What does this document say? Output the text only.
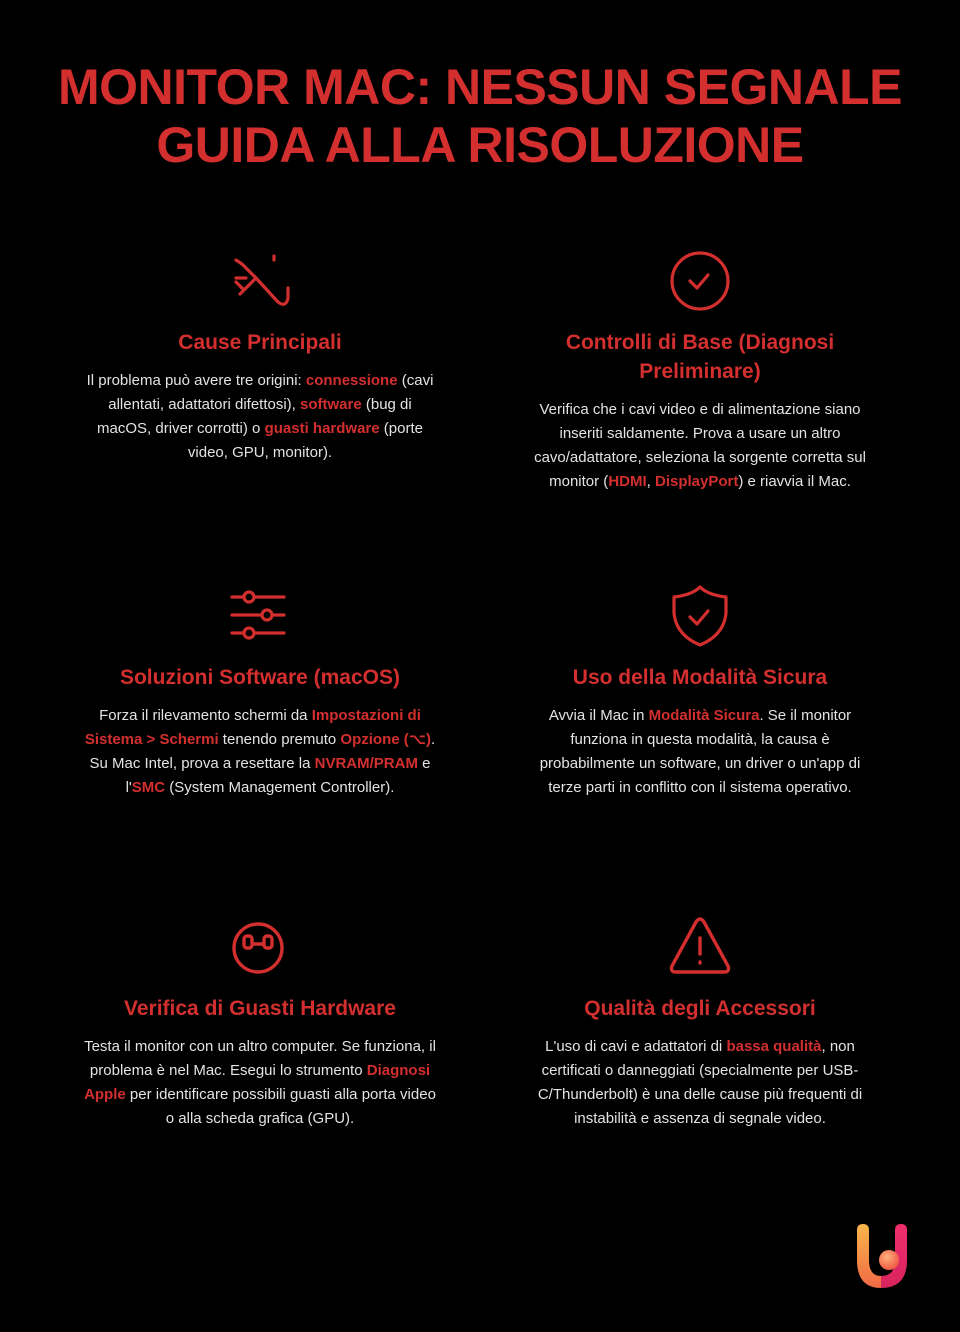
MONITOR MAC: NESSUN SEGNALE
GUIDA ALLA RISOLUZIONE
Cause Principali

Il problema può avere tre origini: connessione (cavi allentati, adattatori difettosi), software (bug di macOS, driver corrotti) o guasti hardware (porte video, GPU, monitor).

Controlli di Base (Diagnosi Preliminare)

Verifica che i cavi video e di alimentazione siano inseriti saldamente. Prova a usare un altro cavo/adattatore, seleziona la sorgente corretta sul monitor (HDMI, DisplayPort) e riavvia il Mac.

Soluzioni Software (macOS)

Forza il rilevamento schermi da Impostazioni di Sistema > Schermi tenendo premuto Opzione (⌥). Su Mac Intel, prova a resettare la NVRAM/PRAM e l'SMC (System Management Controller).

Uso della Modalità Sicura

Avvia il Mac in Modalità Sicura. Se il monitor funziona in questa modalità, la causa è probabilmente un software, un driver o un'app di terze parti in conflitto con il sistema operativo.

Verifica di Guasti Hardware

Testa il monitor con un altro computer. Se funziona, il problema è nel Mac. Esegui lo strumento Diagnosi Apple per identificare possibili guasti alla porta video o alla scheda grafica (GPU).

Qualità degli Accessori

L'uso di cavi e adattatori di bassa qualità, non certificati o danneggiati (specialmente per USB-C/Thunderbolt) è una delle cause più frequenti di instabilità e assenza di segnale video.
